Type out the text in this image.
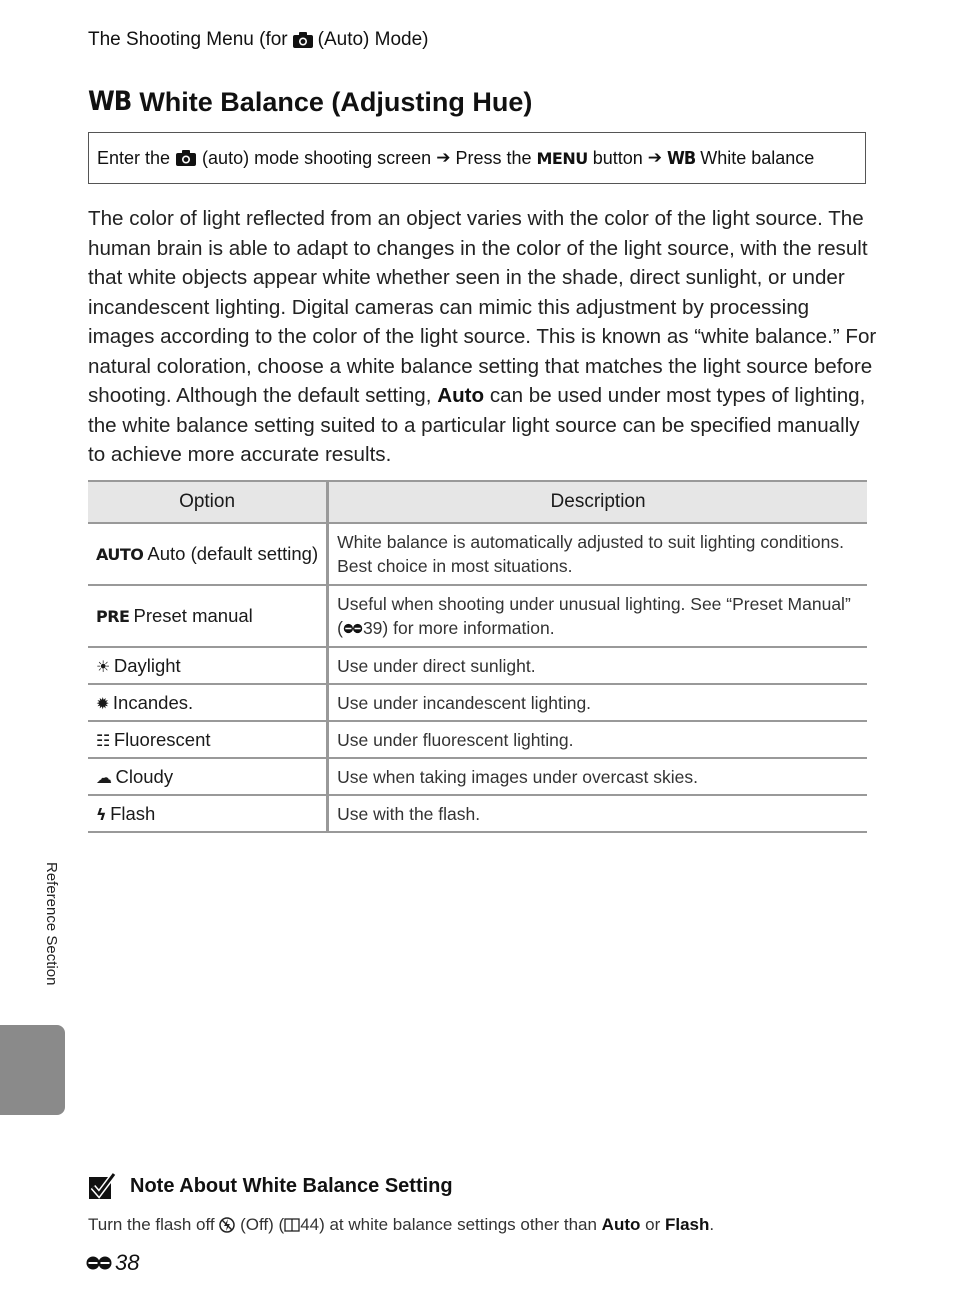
The Shooting Menu (for (Auto) Mode)
WB White Balance (Adjusting Hue)
Enter the (auto) mode shooting screen ➔ Press the MENU button ➔ WB White balance

The color of light reflected from an object varies with the color of the light source. The human brain is able to adapt to changes in the color of the light source, with the result that white objects appear white whether seen in the shade, direct sunlight, or under incandescent lighting. Digital cameras can mimic this adjustment by processing images according to the color of the light source. This is known as “white balance.” For natural coloration, choose a white balance setting that matches the light source before shooting. Although the default setting, Auto can be used under most types of lighting, the white balance setting suited to a particular light source can be specified manually to achieve more accurate results.

Option	Description
AUTO Auto (default setting)	White balance is automatically adjusted to suit lighting conditions. Best choice in most situations.
PRE Preset manual	Useful when shooting under unusual lighting. See “Preset Manual” ( 39) for more information.
☀ Daylight	Use under direct sunlight.
✹ Incandes.	Use under incandescent lighting.
☷ Fluorescent	Use under fluorescent lighting.
☁ Cloudy	Use when taking images under overcast skies.
ϟ Flash	Use with the flash.
Reference Section
Note About White Balance Setting

Turn the flash off (Off) ( 44) at white balance settings other than Auto or Flash.

38
